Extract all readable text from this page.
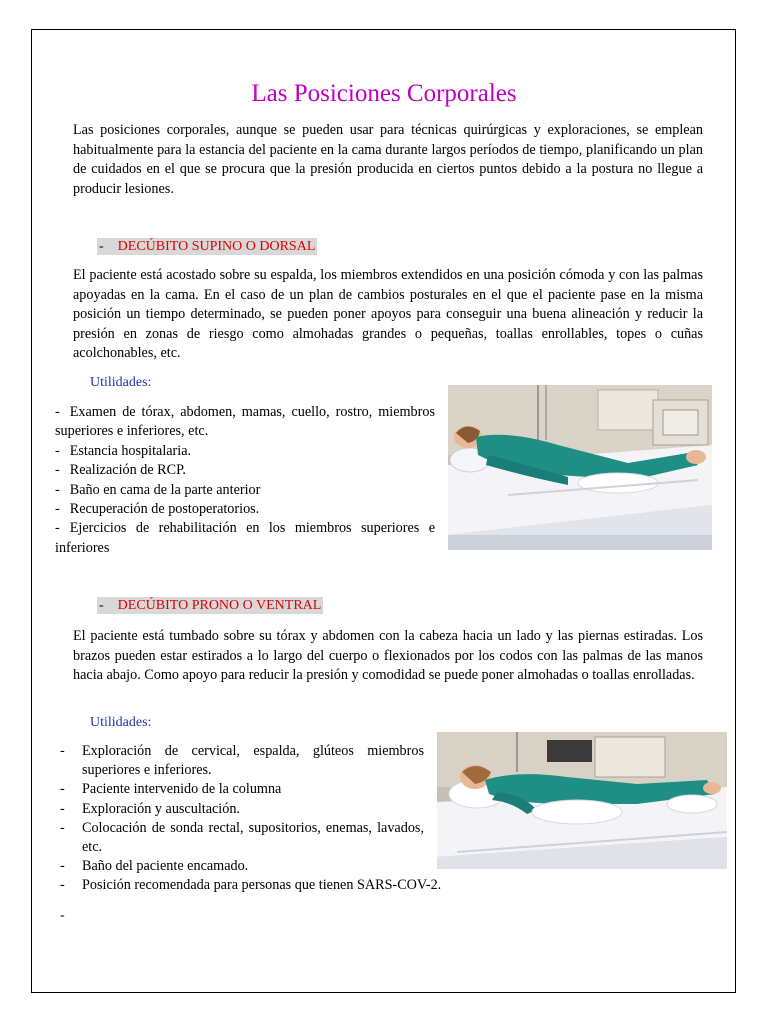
Las Posiciones Corporales

Las posiciones corporales, aunque se pueden usar para técnicas quirúrgicas y exploraciones, se emplean habitualmente para la estancia del paciente en la cama durante largos períodos de tiempo, planificando un plan de cuidados en el que se procura que la presión producida en ciertos puntos debido a la postura no llegue a producir lesiones.

- DECÚBITO SUPINO O DORSAL

El paciente está acostado sobre su espalda, los miembros extendidos en una posición cómoda y con las palmas apoyadas en la cama. En el caso de un plan de cambios posturales en el que el paciente pase en la misma posición un tiempo determinado, se pueden poner apoyos para conseguir una buena alineación y reducir la presión en zonas de riesgo como almohadas grandes o pequeñas, toallas enrollables, topes o cuñas acolchonables, etc.

Utilidades:
- Examen de tórax, abdomen, mamas, cuello, rostro, miembros superiores e inferiores, etc.
- Estancia hospitalaria.
- Realización de RCP.
- Baño en cama de la parte anterior
- Recuperación de postoperatorios.
- Ejercicios de rehabilitación en los miembros superiores e inferiores
- DECÚBITO PRONO O VENTRAL

El paciente está tumbado sobre su tórax y abdomen con la cabeza hacia un lado y las piernas estiradas. Los brazos pueden estar estirados a lo largo del cuerpo o flexionados por los codos con las palmas de las manos hacia abajo. Como apoyo para reducir la presión y comodidad se puede poner almohadas o toallas enrolladas.

Utilidades:
-	Exploración de cervical, espalda, glúteos miembros superiores e inferiores.
-	Paciente intervenido de la columna
-	Exploración y auscultación.
-	Colocación de sonda rectal, supositorios, enemas, lavados, etc.
-	Baño del paciente encamado.
-	Posición recomendada para personas que tienen SARS-COV-2.
-
